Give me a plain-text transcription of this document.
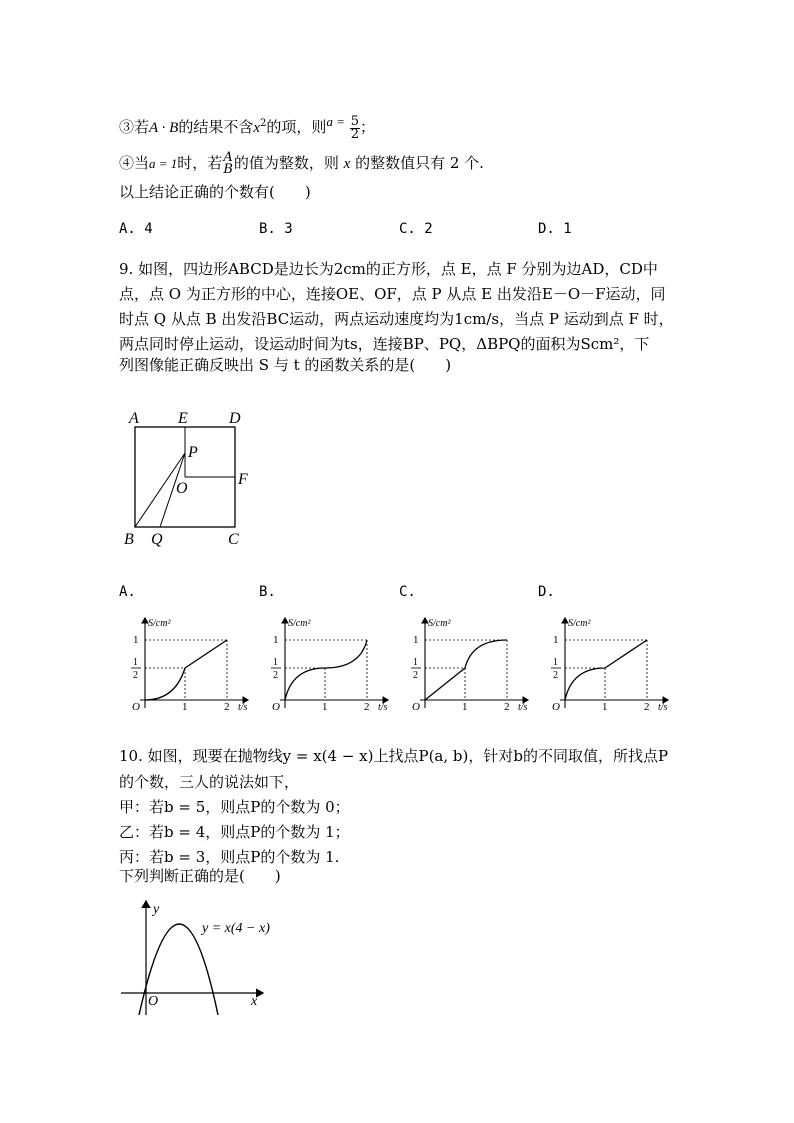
③若A · B的结果不含$x^2$的项，则$a = \frac{5}{2}$ ；
④当a = 1时，若 A
B 的值为整数，则 x 的整数值只有 2 个.
以上结论正确的个数有(　　)
A. 4	B. 3	C. 2	D. 1
9. 如图，四边形ABCD是边长为2cm的正方形，点 E，点 F 分别为边AD，CD中
点，点 O 为正方形的中心，连接OE、OF，点 P 从点 E 出发沿E－O－F运动，同
时点 Q 从点 B 出发沿BC运动，两点运动速度均为1cm/s，当点 P 运动到点 F 时，
两点同时停止运动，设运动时间为ts，连接BP、PQ，ΔBPQ的面积为Scm²，下
列图像能正确反映出 S 与 t 的函数关系的是(　　)
A E	D
P
O
F
B Q	C
A.	B.	C.	D.
S/cm²
t/s
O	1	2
1
1
2
S/cm²
t/s
O	1	2
1
1
2
S/cm²
t/s
O	1	2
1
1
2
S/cm²
t/s
O	1	2
1
1
2
10. 如图，现要在抛物线y = x(4 − x)上找点P(a, b)，针对b的不同取值，所找点P
的个数，三人的说法如下，
甲：若b = 5，则点P的个数为 0；
乙：若b = 4，则点P的个数为 1；
丙：若b = 3，则点P的个数为 1.
下列判断正确的是(　　)
y
x
O
y = x(4 − x)
